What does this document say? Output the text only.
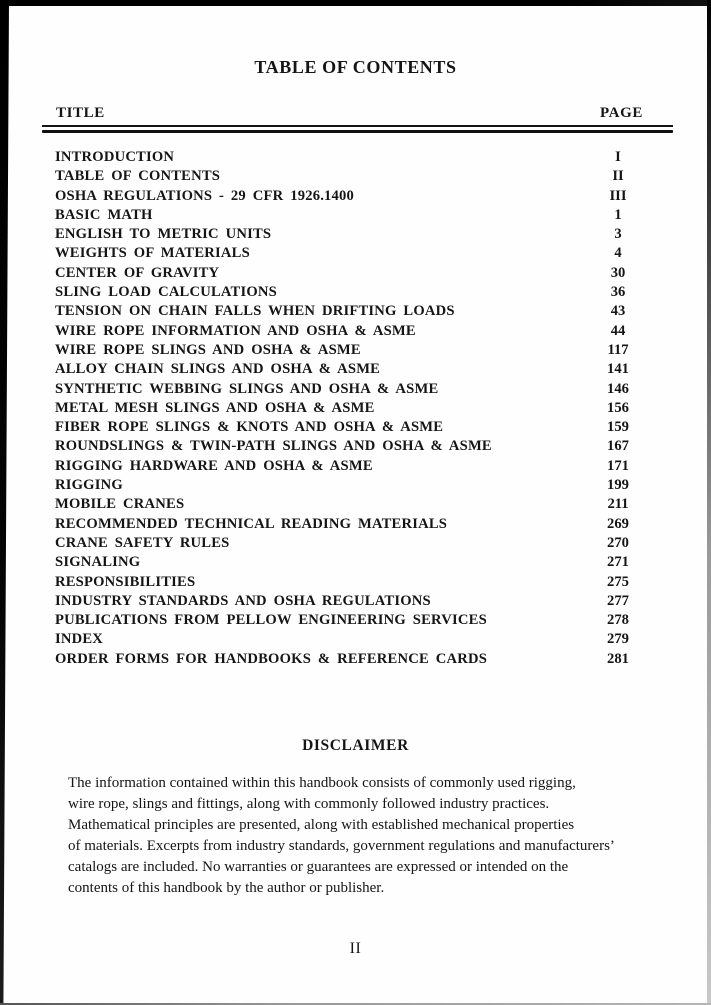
TABLE OF CONTENTS
TITLE	PAGE
INTRODUCTION	I
TABLE OF CONTENTS	II
OSHA REGULATIONS - 29 CFR 1926.1400	III
BASIC MATH	1
ENGLISH TO METRIC UNITS	3
WEIGHTS OF MATERIALS	4
CENTER OF GRAVITY	30
SLING LOAD CALCULATIONS	36
TENSION ON CHAIN FALLS WHEN DRIFTING LOADS	43
WIRE ROPE INFORMATION AND OSHA & ASME	44
WIRE ROPE SLINGS AND OSHA & ASME	117
ALLOY CHAIN SLINGS AND OSHA & ASME	141
SYNTHETIC WEBBING SLINGS AND OSHA & ASME	146
METAL MESH SLINGS AND OSHA & ASME	156
FIBER ROPE SLINGS & KNOTS AND OSHA & ASME	159
ROUNDSLINGS & TWIN-PATH SLINGS AND OSHA & ASME	167
RIGGING HARDWARE AND OSHA & ASME	171
RIGGING	199
MOBILE CRANES	211
RECOMMENDED TECHNICAL READING MATERIALS	269
CRANE SAFETY RULES	270
SIGNALING	271
RESPONSIBILITIES	275
INDUSTRY STANDARDS AND OSHA REGULATIONS	277
PUBLICATIONS FROM PELLOW ENGINEERING SERVICES	278
INDEX	279
ORDER FORMS FOR HANDBOOKS & REFERENCE CARDS	281
DISCLAIMER
The information contained within this handbook consists of commonly used rigging,
wire rope, slings and fittings, along with commonly followed industry practices.
Mathematical principles are presented, along with established mechanical properties
of materials. Excerpts from industry standards, government regulations and manufacturers’
catalogs are included. No warranties or guarantees are expressed or intended on the
contents of this handbook by the author or publisher.
II
